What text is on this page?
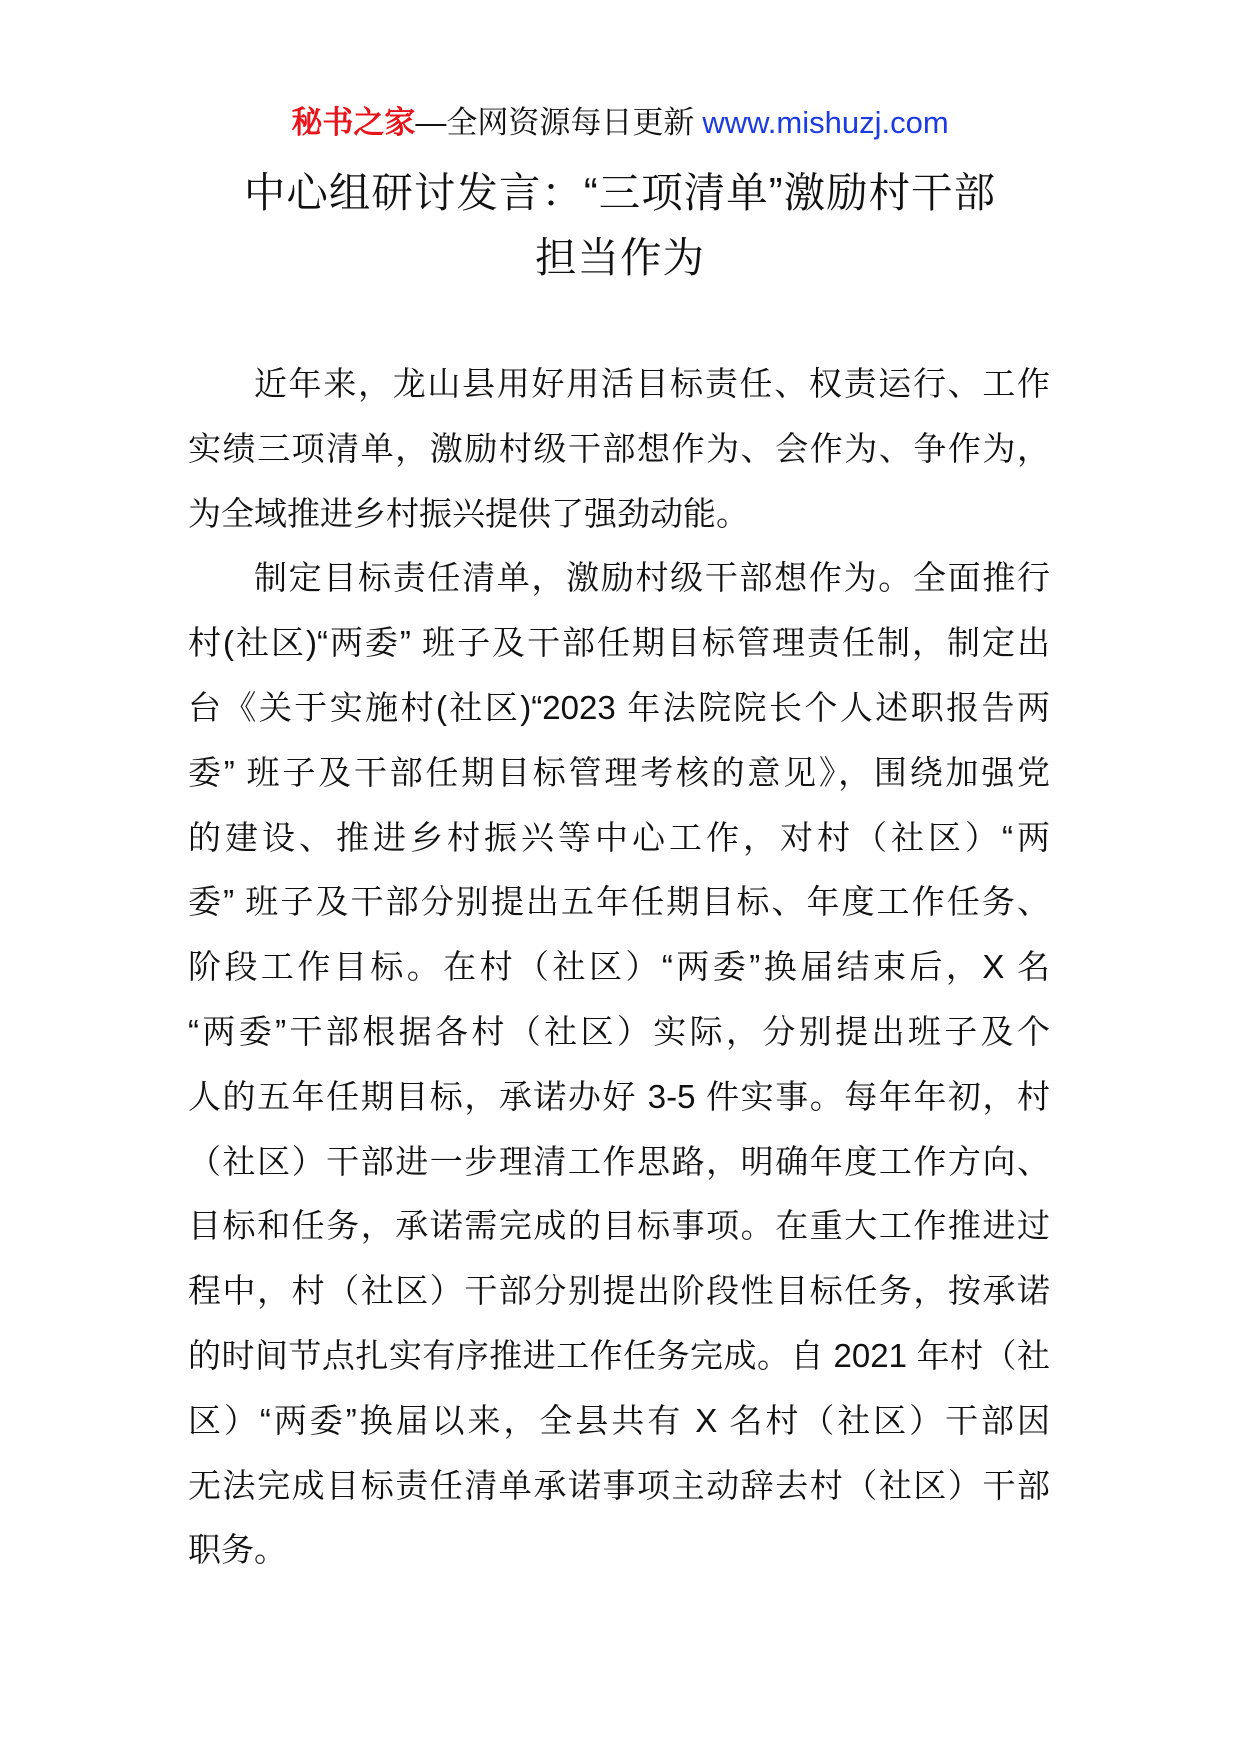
秘书之家—全网资源每日更新 www.mishuzj.com
中心组研讨发言：“三项清单”激励村干部
担当作为
近年来，龙山县用好用活目标责任、权责运行、工作
实绩三项清单，激励村级干部想作为、会作为、争作为，
为全域推进乡村振兴提供了强劲动能。
制定目标责任清单，激励村级干部想作为。全面推行
村(社区)“两委” 班子及干部任期目标管理责任制，制定出
台《关于实施村(社区)“2023 年法院院长个人述职报告两
委” 班子及干部任期目标管理考核的意见》，围绕加强党
的建设、推进乡村振兴等中心工作，对村（社区）“两
委” 班子及干部分别提出五年任期目标、年度工作任务、
阶段工作目标。在村（社区）“两委”换届结束后，X 名
“两委”干部根据各村（社区）实际，分别提出班子及个
人的五年任期目标，承诺办好 3-5 件实事。每年年初，村
（社区）干部进一步理清工作思路，明确年度工作方向、
目标和任务，承诺需完成的目标事项。在重大工作推进过
程中，村（社区）干部分别提出阶段性目标任务，按承诺
的时间节点扎实有序推进工作任务完成。自 2021 年村（社
区）“两委”换届以来，全县共有 X 名村（社区）干部因
无法完成目标责任清单承诺事项主动辞去村（社区）干部
职务。
